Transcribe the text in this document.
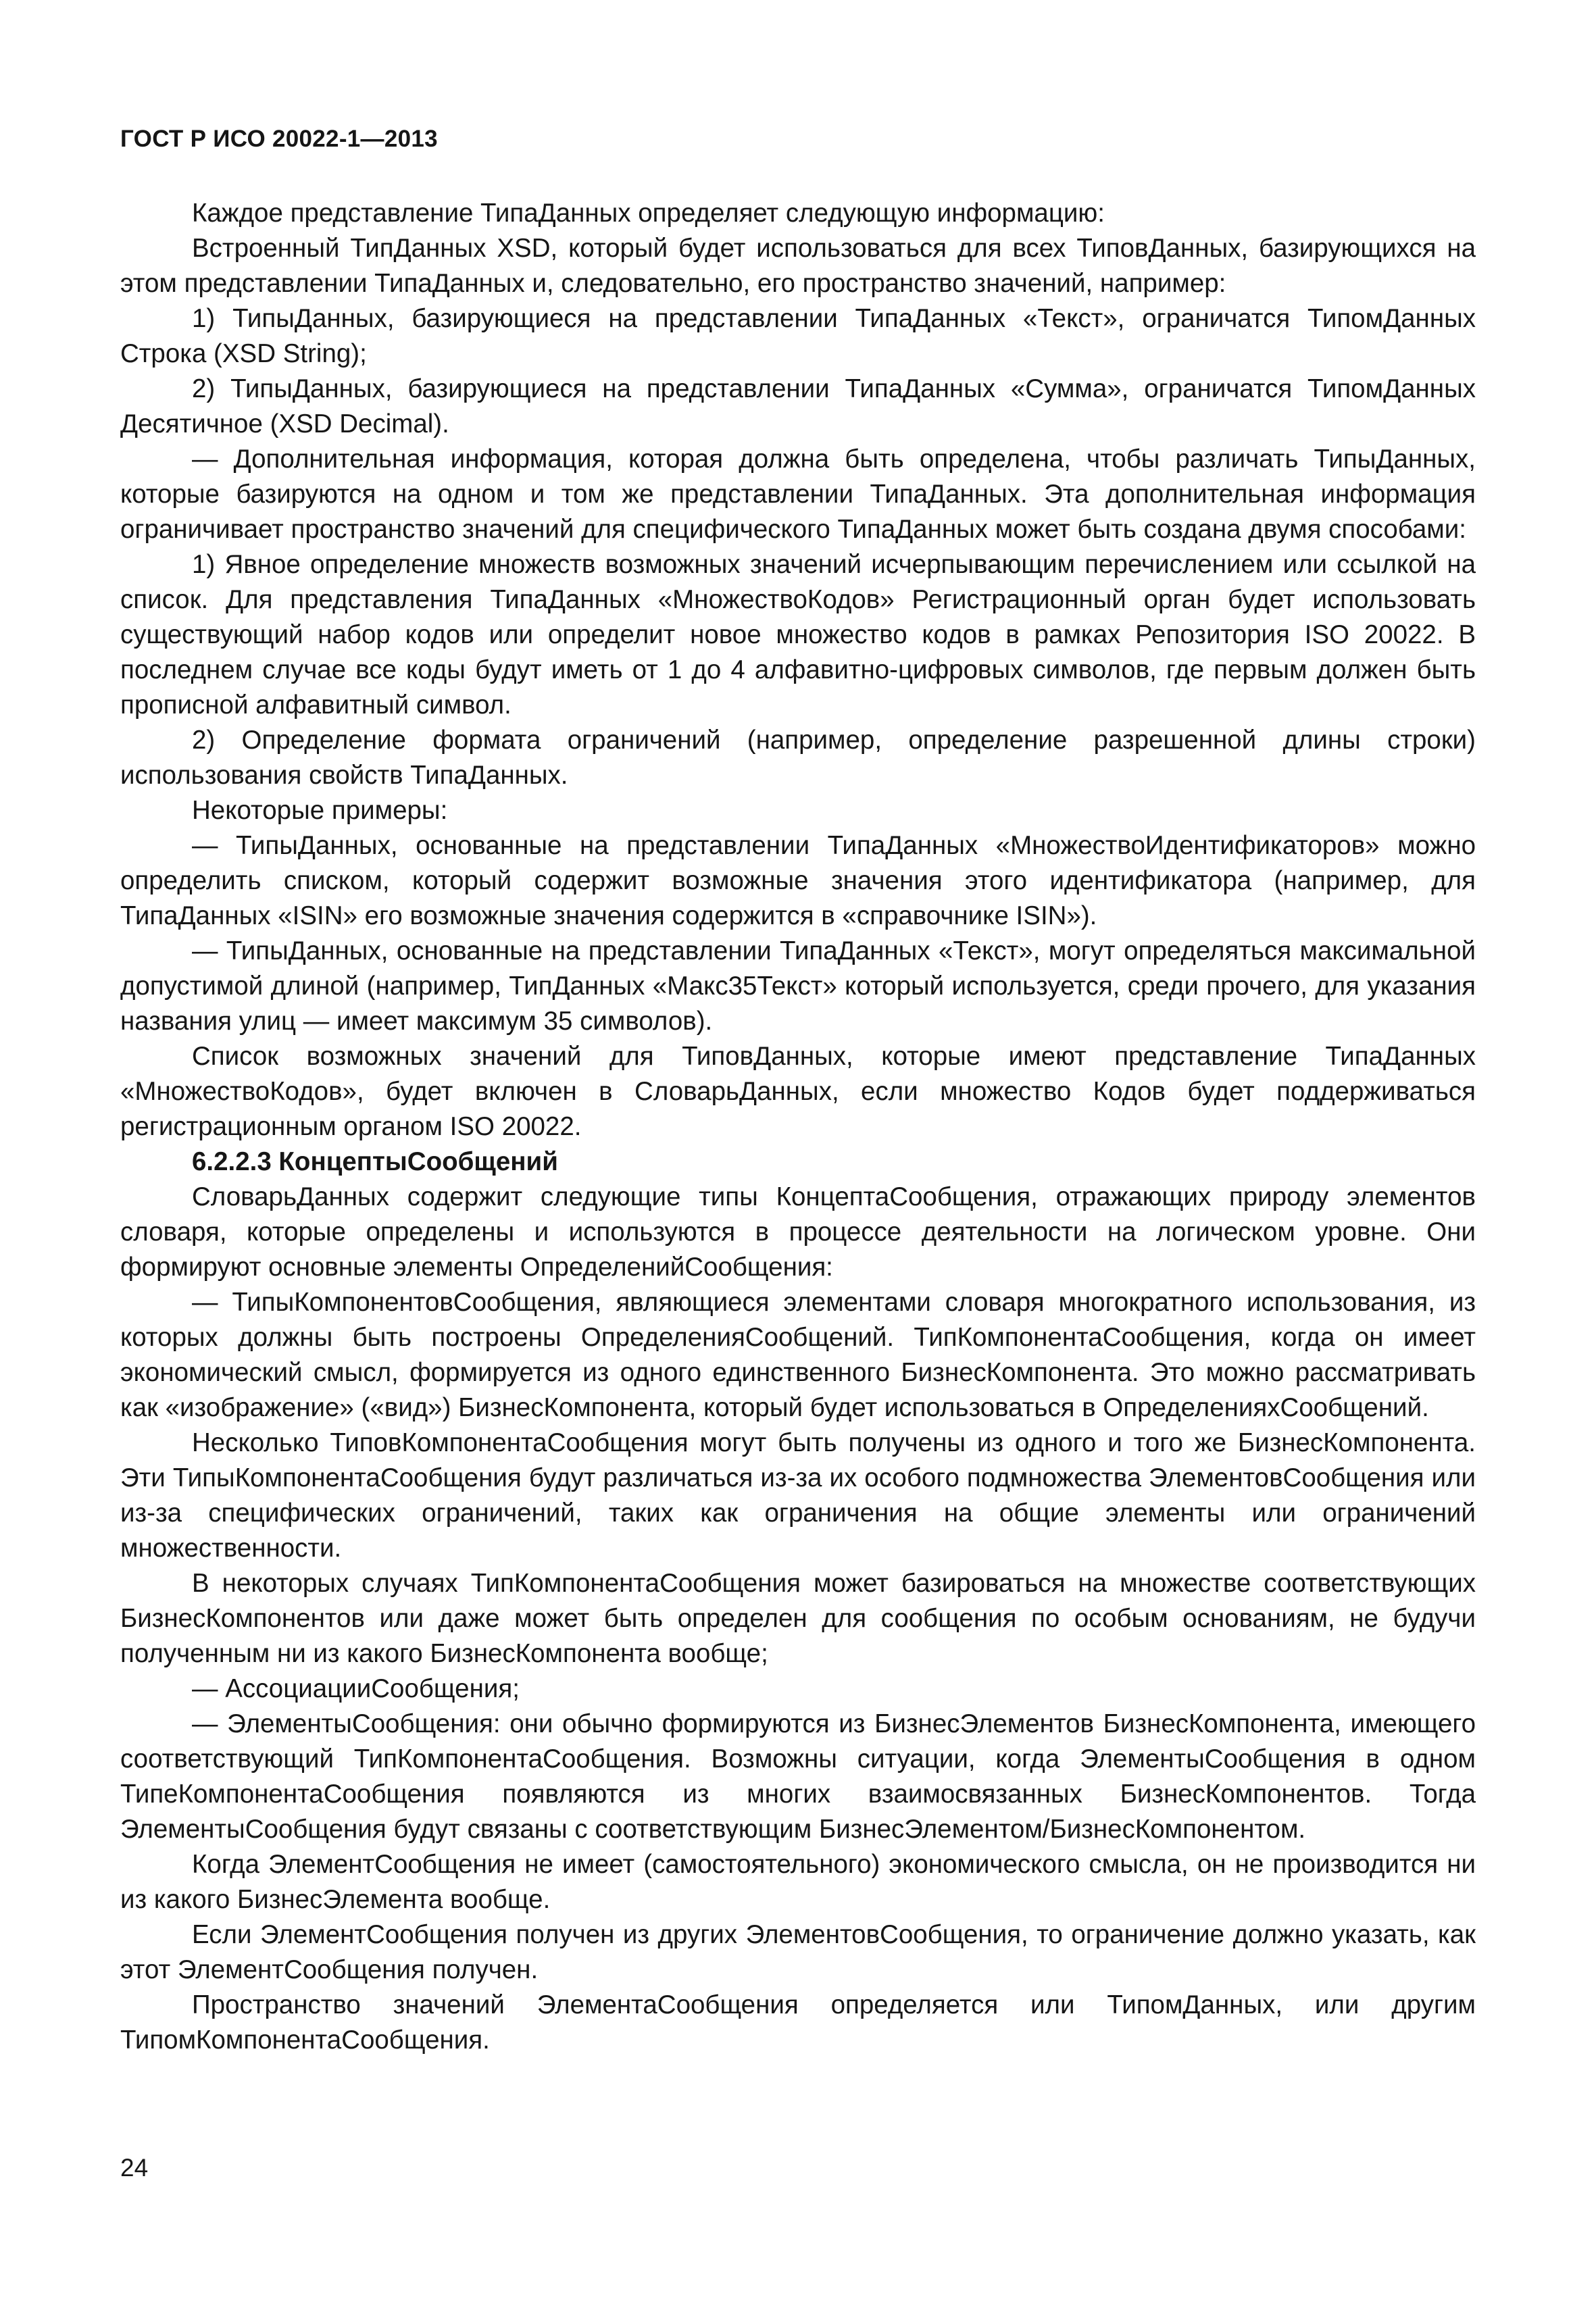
ГОСТ Р ИСО 20022-1—2013

Каждое представление ТипаДанных определяет следующую информацию:

Встроенный ТипДанных XSD, который будет использоваться для всех ТиповДанных, базирующихся на этом представлении ТипаДанных и, следовательно, его пространство значений, например:

1) ТипыДанных, базирующиеся на представлении ТипаДанных «Текст», ограничатся ТипомДанных Строка (XSD String);

2) ТипыДанных, базирующиеся на представлении ТипаДанных «Сумма», ограничатся ТипомДанных Десятичное (XSD Decimal).

— Дополнительная информация, которая должна быть определена, чтобы различать ТипыДанных, которые базируются на одном и том же представлении ТипаДанных. Эта дополнительная информация ограничивает пространство значений для специфического ТипаДанных может быть создана двумя способами:

1) Явное определение множеств возможных значений исчерпывающим перечислением или ссылкой на список. Для представления ТипаДанных «МножествоКодов» Регистрационный орган будет использовать существующий набор кодов или определит новое множество кодов в рамках Репозитория ISO 20022. В последнем случае все коды будут иметь от 1 до 4 алфавитно-цифровых символов, где первым должен быть прописной алфавитный символ.

2) Определение формата ограничений (например, определение разрешенной длины строки) использования свойств ТипаДанных.

Некоторые примеры:

— ТипыДанных, основанные на представлении ТипаДанных «МножествоИдентификаторов» можно определить списком, который содержит возможные значения этого идентификатора (например, для ТипаДанных «ISIN» его возможные значения содержится в «справочнике ISIN»).

— ТипыДанных, основанные на представлении ТипаДанных «Текст», могут определяться максимальной допустимой длиной (например, ТипДанных «Макс35Текст» который используется, среди прочего, для указания названия улиц — имеет максимум 35 символов).

Список возможных значений для ТиповДанных, которые имеют представление ТипаДанных «МножествоКодов», будет включен в СловарьДанных, если множество Кодов будет поддерживаться регистрационным органом ISO 20022.

6.2.2.3 КонцептыСообщений

СловарьДанных содержит следующие типы КонцептаСообщения, отражающих природу элементов словаря, которые определены и используются в процессе деятельности на логическом уровне. Они формируют основные элементы ОпределенийСообщения:

— ТипыКомпонентовСообщения, являющиеся элементами словаря многократного использования, из которых должны быть построены ОпределенияСообщений. ТипКомпонентаСообщения, когда он имеет экономический смысл, формируется из одного единственного БизнесКомпонента. Это можно рассматривать как «изображение» («вид») БизнесКомпонента, который будет использоваться в ОпределенияхСообщений.

Несколько ТиповКомпонентаСообщения могут быть получены из одного и того же БизнесКомпонента. Эти ТипыКомпонентаСообщения будут различаться из-за их особого подмножества ЭлементовСообщения или из-за специфических ограничений, таких как ограничения на общие элементы или ограничений множественности.

В некоторых случаях ТипКомпонентаСообщения может базироваться на множестве соответствующих БизнесКомпонентов или даже может быть определен для сообщения по особым основаниям, не будучи полученным ни из какого БизнесКомпонента вообще;

— АссоциацииСообщения;

— ЭлементыСообщения: они обычно формируются из БизнесЭлементов БизнесКомпонента, имеющего соответствующий ТипКомпонентаСообщения. Возможны ситуации, когда ЭлементыСообщения в одном ТипеКомпонентаСообщения появляются из многих взаимосвязанных БизнесКомпонентов. Тогда ЭлементыСообщения будут связаны с соответствующим БизнесЭлементом/БизнесКомпонентом.

Когда ЭлементСообщения не имеет (самостоятельного) экономического смысла, он не производится ни из какого БизнесЭлемента вообще.

Если ЭлементСообщения получен из других ЭлементовСообщения, то ограничение должно указать, как этот ЭлементСообщения получен.

Пространство значений ЭлементаСообщения определяется или ТипомДанных, или другим ТипомКомпонентаСообщения.

24
